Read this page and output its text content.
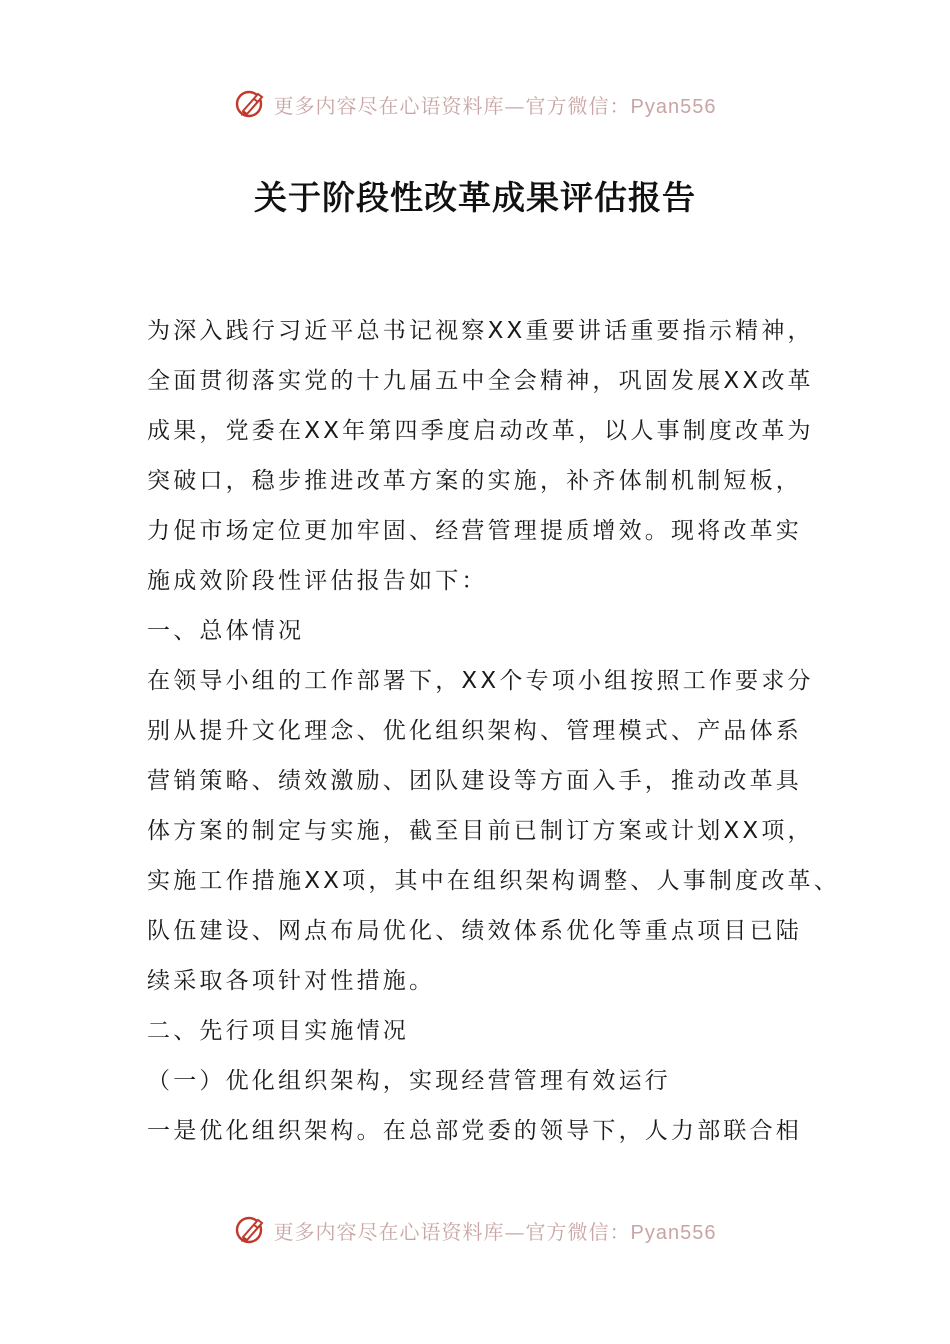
更多内容尽在心语资料库—官方微信：Pyan556
关于阶段性改革成果评估报告

为深入践行习近平总书记视察XX重要讲话重要指示精神，

全面贯彻落实党的十九届五中全会精神，巩固发展XX改革

成果，党委在XX年第四季度启动改革，以人事制度改革为

突破口，稳步推进改革方案的实施，补齐体制机制短板，

力促市场定位更加牢固、经营管理提质增效。现将改革实

施成效阶段性评估报告如下：

一、总体情况

在领导小组的工作部署下，XX个专项小组按照工作要求分

别从提升文化理念、优化组织架构、管理模式、产品体系

营销策略、绩效激励、团队建设等方面入手，推动改革具

体方案的制定与实施，截至目前已制订方案或计划XX项，

实施工作措施XX项，其中在组织架构调整、人事制度改革、

队伍建设、网点布局优化、绩效体系优化等重点项目已陆

续采取各项针对性措施。

二、先行项目实施情况

（一）优化组织架构，实现经营管理有效运行

一是优化组织架构。在总部党委的领导下，人力部联合相

更多内容尽在心语资料库—官方微信：Pyan556
